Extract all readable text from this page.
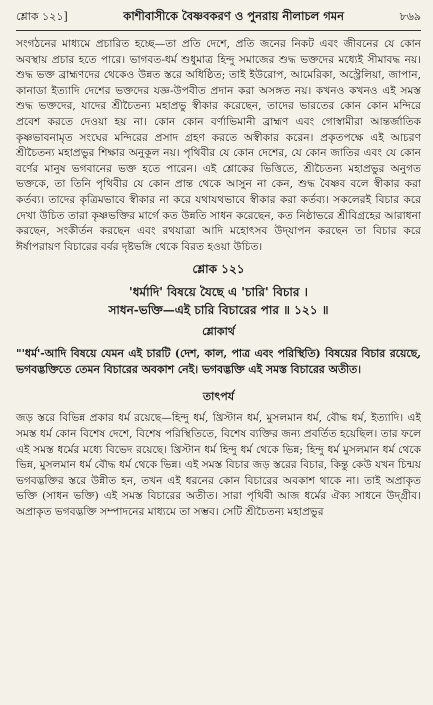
শ্লোক ১২১]	কাশীবাসীকে বৈষ্ণবকরণ ও পুনরায় নীলাচল গমন	৮৬৯

সংগঠনের মাধ্যমে প্রচারিত হচ্ছে—তা প্রতি দেশে, প্রতি জনের নিকট এবং জীবনের যে কোন অবস্থায় প্রচার হতে পারে। ভাগবত-ধর্ম শুধুমাত্র হিন্দু সমাজের শুদ্ধ ভক্তদের মধ্যেই সীমাবদ্ধ নয়। শুদ্ধ ভক্ত ব্রাহ্মণদের থেকেও উন্নত স্তরে অধিষ্ঠিত; তাই ইউরোপ, আমেরিকা, অস্ট্রেলিয়া, জাপান, কানাডা ইত্যাদি দেশের ভক্তদের যজ্ঞ-উপবীত প্রদান করা অসঙ্গত নয়। কখনও কখনও এই সমস্ত শুদ্ধ ভক্তদের, যাদের শ্রীচৈতন্য মহাপ্রভু স্বীকার করেছেন, তাদের ভারতের কোন কোন মন্দিরে প্রবেশ করতে দেওয়া হয় না। কোন কোন বর্ণাভিমানী ব্রাহ্মণ এবং গোস্বামীরা আন্তর্জাতিক কৃষ্ণভাবনামৃত সংঘের মন্দিরের প্রসাদ গ্রহণ করতে অস্বীকার করেন। প্রকৃতপক্ষে এই আচরণ শ্রীচৈতন্য মহাপ্রভুর শিক্ষার অনুকূল নয়। পৃথিবীর যে কোন দেশের, যে কোন জাতির এবং যে কোন বর্ণের মানুষ ভগবানের ভক্ত হতে পারেন। এই শ্লোকের ভিত্তিতে, শ্রীচৈতন্য মহাপ্রভুর অনুগত ভক্তকে, তা তিনি পৃথিবীর যে কোন প্রান্ত থেকে আসুন না কেন, শুদ্ধ বৈষ্ণব বলে স্বীকার করা কর্তব্য। তাদের কৃত্রিমভাবে স্বীকার না করে যথাযথভাবে স্বীকার করা কর্তব্য। সকলেরই বিচার করে দেখা উচিত তারা কৃষ্ণভক্তির মার্গে কত উন্নতি সাধন করেছেন, কত নিষ্ঠাভরে শ্রীবিগ্রহের আরাধনা করছেন, সংকীর্তন করছেন এবং রথযাত্রা আদি মহোৎসব উদ্‌যাপন করছেন তা বিচার করে ঈর্ষাপরায়ণ বিচারের বর্বর দৃষ্টভঙ্গি থেকে বিরত হওয়া উচিত।

শ্লোক ১২১

'ধর্মাদি' বিষয়ে যৈছে এ 'চারি' বিচার ।

সাধন-ভক্তি—এই চারি বিচারের পার ॥ ১২১ ॥

শ্লোকার্থ

"'ধর্ম'-আদি বিষয়ে যেমন এই চারটি (দেশ, কাল, পাত্র এবং পরিস্থিতি) বিষয়ের বিচার রয়েছে, ভগবদ্ভক্তিতে তেমন বিচারের অবকাশ নেই। ভগবদ্ভক্তি এই সমস্ত বিচারের অতীত।

তাৎপর্য

জড় স্তরে বিভিন্ন প্রকার ধর্ম রয়েছে—হিন্দু ধর্ম, খ্রিস্টান ধর্ম, মুসলমান ধর্ম, বৌদ্ধ ধর্ম, ইত্যাদি। এই সমস্ত ধর্ম কোন বিশেষ দেশে, বিশেষ পরিস্থিতিতে, বিশেষ ব্যক্তির জন্য প্রবর্তিত হয়েছিল। তার ফলে এই সমস্ত ধর্মের মধ্যে বিভেদ রয়েছে। খ্রিস্টান ধর্ম হিন্দু ধর্ম থেকে ভিন্ন; হিন্দু ধর্ম মুসলমান ধর্ম থেকে ভিন্ন, মুসলমান ধর্ম বৌদ্ধ ধর্ম থেকে ভিন্ন। এই সমস্ত বিচার জড় স্তরের বিচার, কিন্তু কেউ যখন চিন্ময় ভগবদ্ভক্তির স্তরে উন্নীত হন, তখন এই ধরনের কোন বিচারের অবকাশ থাকে না। তাই অপ্রাকৃত ভক্তি (সাধন ভক্তি) এই সমস্ত বিচারের অতীত। সারা পৃথিবী আজ ধর্মের ঐক্য সাধনে উদ্‌গ্রীব। অপ্রাকৃত ভগবদ্ভক্তি সম্পাদনের মাধ্যমে তা সম্ভব। সেটি শ্রীচৈতন্য মহাপ্রভুর
